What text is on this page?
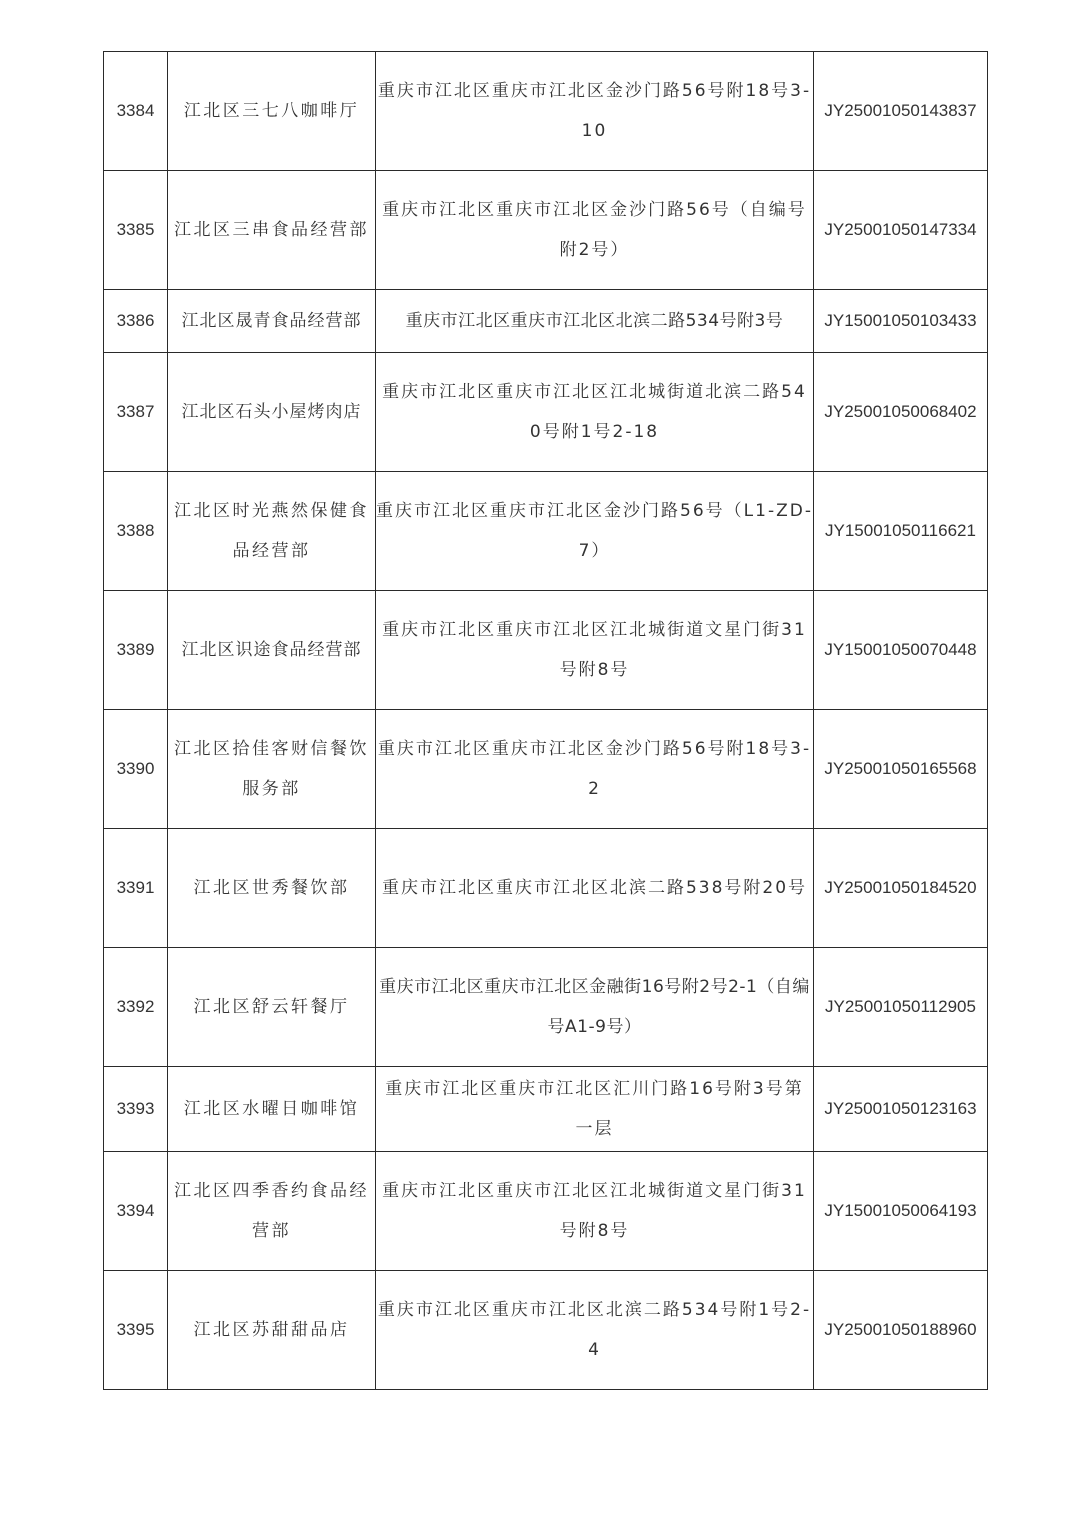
3384	江北区三七八咖啡厅	重庆市江北区重庆市江北区金沙门路56号附18号3-10	JY25001050143837
3385	江北区三串食品经营部	重庆市江北区重庆市江北区金沙门路56号（自编号附2号）	JY25001050147334
3386	江北区晟青食品经营部	重庆市江北区重庆市江北区北滨二路534号附3号	JY15001050103433
3387	江北区石头小屋烤肉店	重庆市江北区重庆市江北区江北城街道北滨二路540号附1号2-18	JY25001050068402
3388	江北区时光燕然保健食品经营部	重庆市江北区重庆市江北区金沙门路56号（L1-ZD-7）	JY15001050116621
3389	江北区识途食品经营部	重庆市江北区重庆市江北区江北城街道文星门街31号附8号	JY15001050070448
3390	江北区拾佳客财信餐饮服务部	重庆市江北区重庆市江北区金沙门路56号附18号3-2	JY25001050165568
3391	江北区世秀餐饮部	重庆市江北区重庆市江北区北滨二路538号附20号	JY25001050184520
3392	江北区舒云轩餐厅	重庆市江北区重庆市江北区金融街16号附2号2-1（自编号A1-9号）	JY25001050112905
3393	江北区水曜日咖啡馆	重庆市江北区重庆市江北区汇川门路16号附3号第一层	JY25001050123163
3394	江北区四季香约食品经营部	重庆市江北区重庆市江北区江北城街道文星门街31号附8号	JY15001050064193
3395	江北区苏甜甜品店	重庆市江北区重庆市江北区北滨二路534号附1号2-4	JY25001050188960
